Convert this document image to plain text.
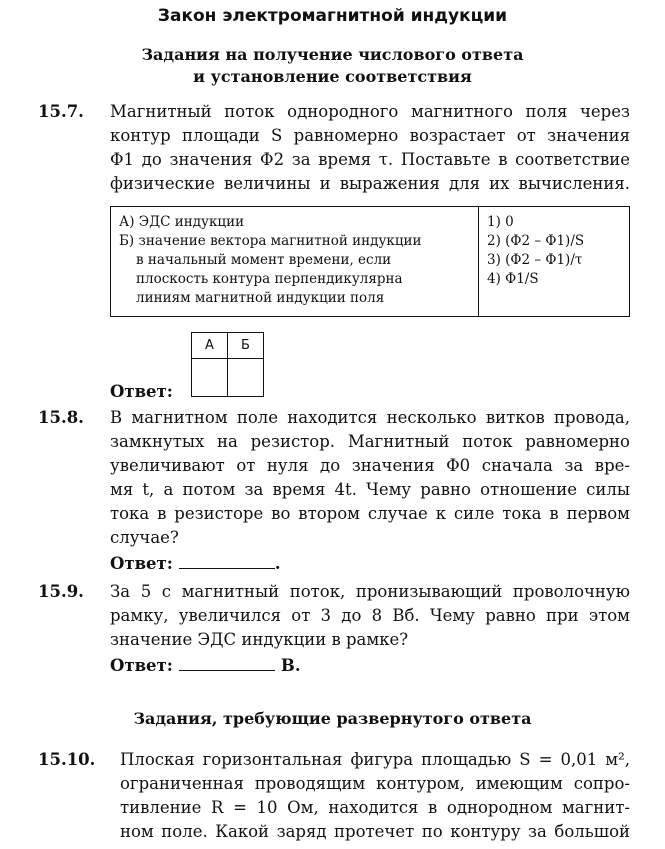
Закон электромагнитной индукции
Задания на получение числового ответа
и установление соответствия
15.7. Магнитный поток однородного магнитного поля через
контур площади S равномерно возрастает от значения
Φ1 до значения Φ2 за время τ. Поставьте в соответствие
физические величины и выражения для их вычисления.
А) ЭДС индукции
Б) значение вектора магнитной индукции
в начальный момент времени, если
плоскость контура перпендикулярна
линиям магнитной индукции поля
1) 0
2) (Φ2 – Φ1)/S
3) (Φ2 – Φ1)/τ
4) Φ1/S
А	Б

Ответ:
15.8. В магнитном поле находится несколько витков провода,
замкнутых на резистор. Магнитный поток равномерно
увеличивают от нуля до значения Φ0 сначала за вре-
мя t, а потом за время 4t. Чему равно отношение силы
тока в резисторе во втором случае к силе тока в первом
случае?
Ответ:	.
15.9. За 5 с магнитный поток, пронизывающий проволочную
рамку, увеличился от 3 до 8 Вб. Чему равно при этом
значение ЭДС индукции в рамке?
Ответ:	В.
Задания, требующие развернутого ответа
15.10. Плоская горизонтальная фигура площадью S = 0,01 м²,
ограниченная проводящим контуром, имеющим сопро-
тивление R = 10 Ом, находится в однородном магнит-
ном поле. Какой заряд протечет по контуру за большой
